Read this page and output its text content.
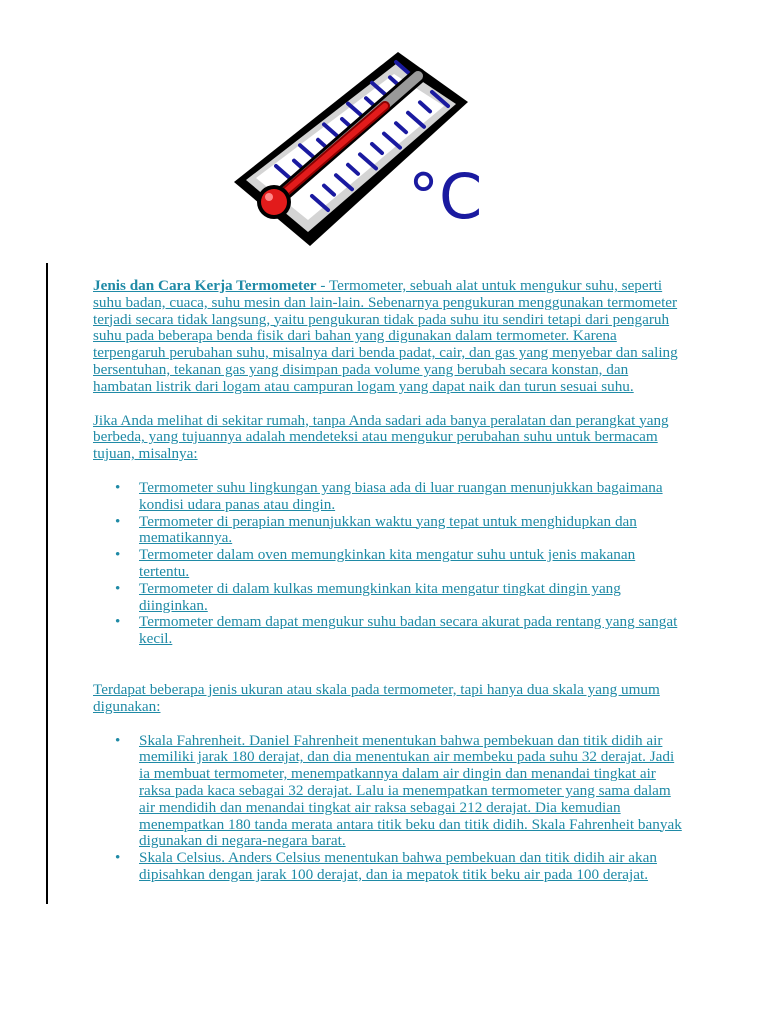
°C

Jenis dan Cara Kerja Termometer - Termometer, sebuah alat untuk mengukur suhu, seperti suhu badan, cuaca, suhu mesin dan lain-lain. Sebenarnya pengukuran menggunakan termometer terjadi secara tidak langsung, yaitu pengukuran tidak pada suhu itu sendiri tetapi dari pengaruh suhu pada beberapa benda fisik dari bahan yang digunakan dalam termometer. Karena terpengaruh perubahan suhu, misalnya dari benda padat, cair, dan gas yang menyebar dan saling bersentuhan, tekanan gas yang disimpan pada volume yang berubah secara konstan, dan hambatan listrik dari logam atau campuran logam yang dapat naik dan turun sesuai suhu.

Jika Anda melihat di sekitar rumah, tanpa Anda sadari ada banya peralatan dan perangkat yang berbeda, yang tujuannya adalah mendeteksi atau mengukur perubahan suhu untuk bermacam tujuan, misalnya:

• Termometer suhu lingkungan yang biasa ada di luar ruangan menunjukkan bagaimana kondisi udara panas atau dingin.
• Termometer di perapian menunjukkan waktu yang tepat untuk menghidupkan dan mematikannya.
• Termometer dalam oven memungkinkan kita mengatur suhu untuk jenis makanan tertentu.
• Termometer di dalam kulkas memungkinkan kita mengatur tingkat dingin yang diinginkan.
• Termometer demam dapat mengukur suhu badan secara akurat pada rentang yang sangat kecil.

Terdapat beberapa jenis ukuran atau skala pada termometer, tapi hanya dua skala yang umum digunakan:

• Skala Fahrenheit. Daniel Fahrenheit menentukan bahwa pembekuan dan titik didih air memiliki jarak 180 derajat, dan dia menentukan air membeku pada suhu 32 derajat. Jadi ia membuat termometer, menempatkannya dalam air dingin dan menandai tingkat air raksa pada kaca sebagai 32 derajat. Lalu ia menempatkan termometer yang sama dalam air mendidih dan menandai tingkat air raksa sebagai 212 derajat. Dia kemudian menempatkan 180 tanda merata antara titik beku dan titik didih. Skala Fahrenheit banyak digunakan di negara-negara barat.
• Skala Celsius. Anders Celsius menentukan bahwa pembekuan dan titik didih air akan dipisahkan dengan jarak 100 derajat, dan ia mepatok titik beku air pada 100 derajat.
